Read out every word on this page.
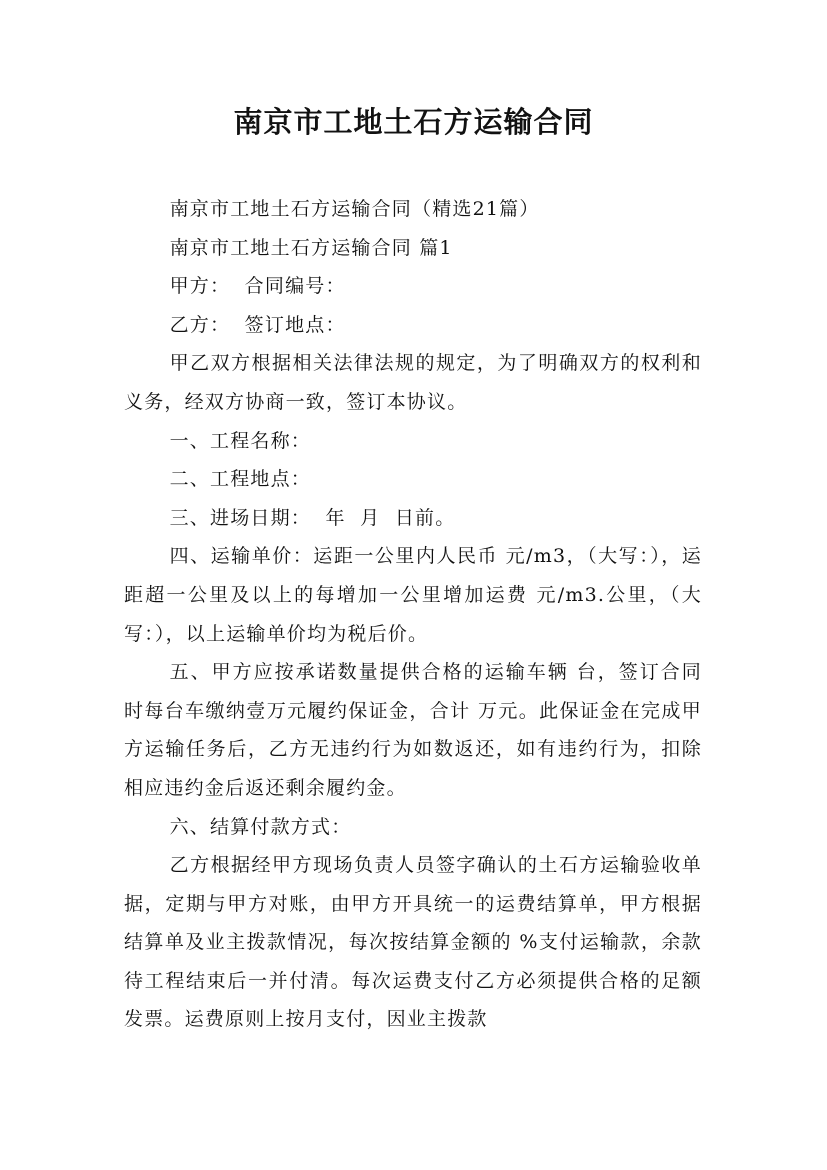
南京市工地土石方运输合同

南京市工地土石方运输合同（精选21篇）

南京市工地土石方运输合同 篇1

甲方：  合同编号：

乙方：  签订地点：

甲乙双方根据相关法律法规的规定，为了明确双方的权利和义务，经双方协商一致，签订本协议。

一、工程名称：

二、工程地点：

三、进场日期：  年  月  日前。

四、运输单价：运距一公里内人民币 元/m3，（大写：），运距超一公里及以上的每增加一公里增加运费 元/m3.公里，（大写：），以上运输单价均为税后价。

五、甲方应按承诺数量提供合格的运输车辆 台，签订合同时每台车缴纳壹万元履约保证金，合计 万元。此保证金在完成甲方运输任务后，乙方无违约行为如数返还，如有违约行为，扣除相应违约金后返还剩余履约金。

六、结算付款方式：

乙方根据经甲方现场负责人员签字确认的土石方运输验收单据，定期与甲方对账，由甲方开具统一的运费结算单，甲方根据结算单及业主拨款情况，每次按结算金额的 %支付运输款，余款待工程结束后一并付清。每次运费支付乙方必须提供合格的足额发票。运费原则上按月支付，因业主拨款
